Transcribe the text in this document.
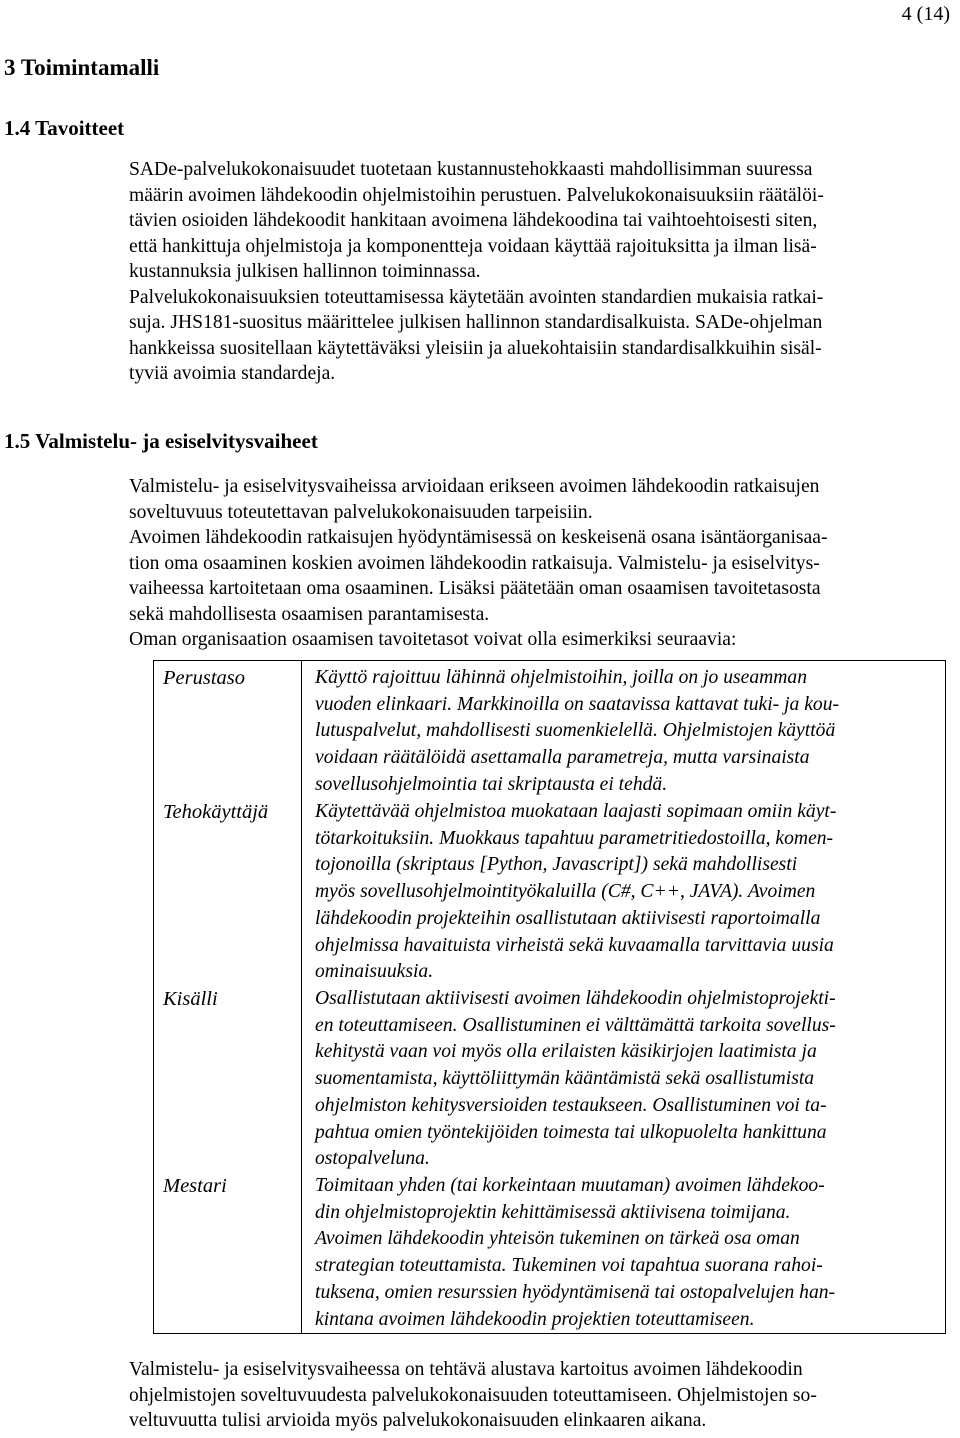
4 (14)
3 Toimintamalli
1.4 Tavoitteet
SADe-palvelukokonaisuudet tuotetaan kustannustehokkaasti mahdollisimman suuressa
määrin avoimen lähdekoodin ohjelmistoihin perustuen. Palvelukokonaisuuksiin räätälöi-
tävien osioiden lähdekoodit hankitaan avoimena lähdekoodina tai vaihtoehtoisesti siten,
että hankittuja ohjelmistoja ja komponentteja voidaan käyttää rajoituksitta ja ilman lisä-
kustannuksia julkisen hallinnon toiminnassa.
Palvelukokonaisuuksien toteuttamisessa käytetään avointen standardien mukaisia ratkai-
suja. JHS181-suositus määrittelee julkisen hallinnon standardisalkuista. SADe-ohjelman
hankkeissa suositellaan käytettäväksi yleisiin ja aluekohtaisiin standardisalkkuihin sisäl-
tyviä avoimia standardeja.
1.5 Valmistelu- ja esiselvitysvaiheet
Valmistelu- ja esiselvitysvaiheissa arvioidaan erikseen avoimen lähdekoodin ratkaisujen
soveltuvuus toteutettavan palvelukokonaisuuden tarpeisiin.
Avoimen lähdekoodin ratkaisujen hyödyntämisessä on keskeisenä osana isäntäorganisaa-
tion oma osaaminen koskien avoimen lähdekoodin ratkaisuja. Valmistelu- ja esiselvitys-
vaiheessa kartoitetaan oma osaaminen. Lisäksi päätetään oman osaamisen tavoitetasosta
sekä mahdollisesta osaamisen parantamisesta.
Oman organisaation osaamisen tavoitetasot voivat olla esimerkiksi seuraavia:
Perustaso	Käyttö rajoittuu lähinnä ohjelmistoihin, joilla on jo useamman
vuoden elinkaari. Markkinoilla on saatavissa kattavat tuki- ja kou-
lutuspalvelut, mahdollisesti suomenkielellä. Ohjelmistojen käyttöä
voidaan räätälöidä asettamalla parametreja, mutta varsinaista
sovellusohjelmointia tai skriptausta ei tehdä.
Tehokäyttäjä Käytettävää ohjelmistoa muokataan laajasti sopimaan omiin käyt-
tötarkoituksiin. Muokkaus tapahtuu parametritiedostoilla, komen-
tojonoilla (skriptaus [Python, Javascript]) sekä mahdollisesti
myös sovellusohjelmointityökaluilla (C#, C++, JAVA). Avoimen
lähdekoodin projekteihin osallistutaan aktiivisesti raportoimalla
ohjelmissa havaituista virheistä sekä kuvaamalla tarvittavia uusia
ominaisuuksia.
Kisälli	Osallistutaan aktiivisesti avoimen lähdekoodin ohjelmistoprojekti-
en toteuttamiseen. Osallistuminen ei välttämättä tarkoita sovellus-
kehitystä vaan voi myös olla erilaisten käsikirjojen laatimista ja
suomentamista, käyttöliittymän kääntämistä sekä osallistumista
ohjelmiston kehitysversioiden testaukseen. Osallistuminen voi ta-
pahtua omien työntekijöiden toimesta tai ulkopuolelta hankittuna
ostopalveluna.
Mestari	Toimitaan yhden (tai korkeintaan muutaman) avoimen lähdekoo-
din ohjelmistoprojektin kehittämisessä aktiivisena toimijana.
Avoimen lähdekoodin yhteisön tukeminen on tärkeä osa oman
strategian toteuttamista. Tukeminen voi tapahtua suorana rahoi-
tuksena, omien resurssien hyödyntämisenä tai ostopalvelujen han-
kintana avoimen lähdekoodin projektien toteuttamiseen.
Valmistelu- ja esiselvitysvaiheessa on tehtävä alustava kartoitus avoimen lähdekoodin
ohjelmistojen soveltuvuudesta palvelukokonaisuuden toteuttamiseen. Ohjelmistojen so-
veltuvuutta tulisi arvioida myös palvelukokonaisuuden elinkaaren aikana.
